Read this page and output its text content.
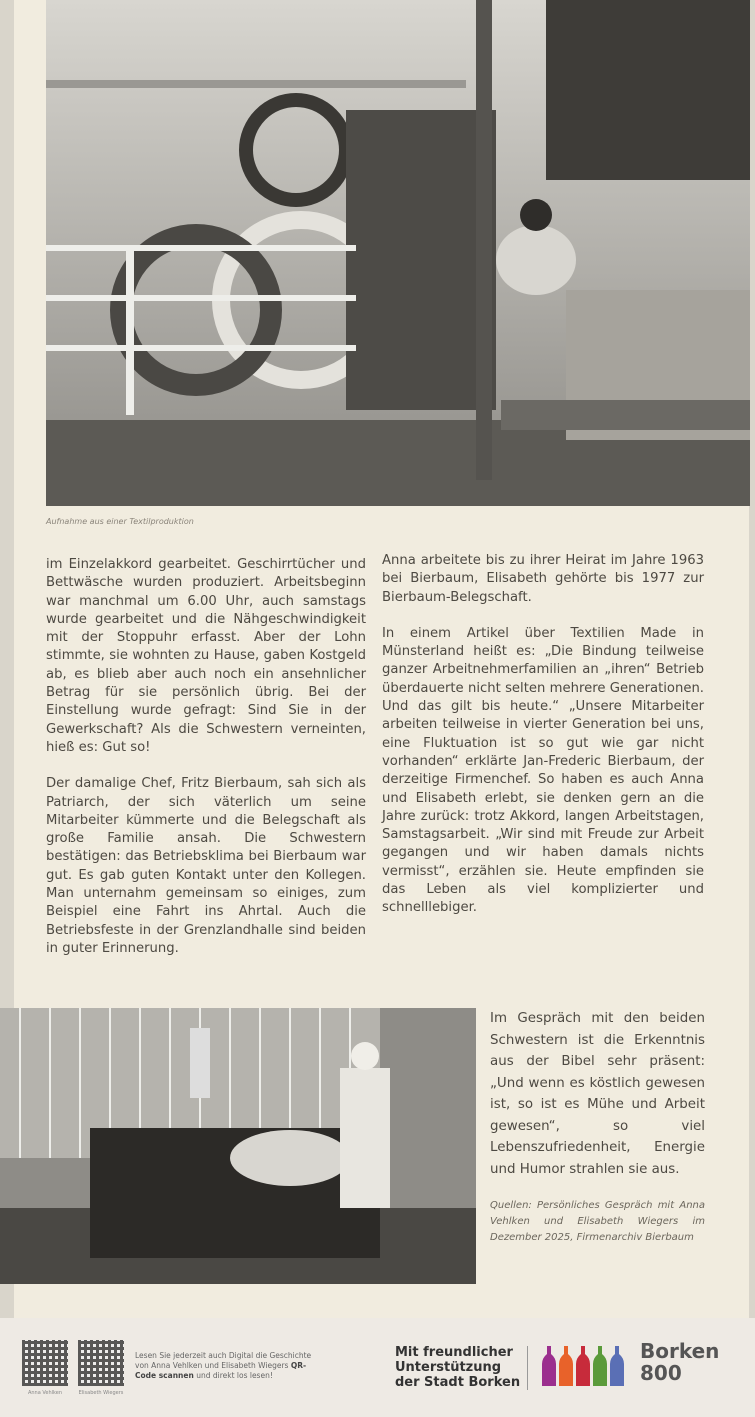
Aufnahme aus einer Textilproduktion

im Einzelakkord gearbeitet. Geschirrtücher und Bettwäsche wurden produziert. Arbeitsbeginn war manchmal um 6.00 Uhr, auch samstags wurde gearbeitet und die Nähgeschwindigkeit mit der Stoppuhr erfasst. Aber der Lohn stimmte, sie wohnten zu Hause, gaben Kostgeld ab, es blieb aber auch noch ein ansehnlicher Betrag für sie persönlich übrig. Bei der Einstellung wurde gefragt: Sind Sie in der Gewerkschaft? Als die Schwestern verneinten, hieß es: Gut so!

Der damalige Chef, Fritz Bierbaum, sah sich als Patriarch, der sich väterlich um seine Mitarbeiter kümmerte und die Belegschaft als große Familie ansah. Die Schwestern bestätigen: das Betriebsklima bei Bierbaum war gut. Es gab guten Kontakt unter den Kollegen. Man unternahm gemeinsam so einiges, zum Beispiel eine Fahrt ins Ahrtal. Auch die Betriebsfeste in der Grenzlandhalle sind beiden in guter Erinnerung.

Anna arbeitete bis zu ihrer Heirat im Jahre 1963 bei Bierbaum, Elisabeth gehörte bis 1977 zur Bierbaum-Belegschaft.

In einem Artikel über Textilien Made in Münsterland heißt es: „Die Bindung teilweise ganzer Arbeitnehmerfamilien an „ihren“ Betrieb überdauerte nicht selten mehrere Generationen. Und das gilt bis heute.“ „Unsere Mitarbeiter arbeiten teilweise in vierter Generation bei uns, eine Fluktuation ist so gut wie gar nicht vorhanden“ erklärte Jan-Frederic Bierbaum, der derzeitige Firmenchef. So haben es auch Anna und Elisabeth erlebt, sie denken gern an die Jahre zurück: trotz Akkord, langen Arbeitstagen, Samstagsarbeit. „Wir sind mit Freude zur Arbeit gegangen und wir haben damals nichts vermisst“, erzählen sie. Heute empfinden sie das Leben als viel komplizierter und schnelllebiger.

Im Gespräch mit den beiden Schwestern ist die Erkenntnis aus der Bibel sehr präsent: „Und wenn es köstlich gewesen ist, so ist es Mühe und Arbeit gewesen“, so viel Lebenszufriedenheit, Energie und Humor strahlen sie aus.
Quellen: Persönliches Gespräch mit Anna Vehlken und Elisabeth Wiegers im Dezember 2025, Firmenarchiv Bierbaum
Anna Vehlken	Elisabeth Wiegers
Lesen Sie jederzeit auch Digital die Geschichte von Anna Vehlken und Elisabeth Wiegers QR-Code scannen und direkt los lesen!
Mit freundlicher Unterstützung der Stadt Borken
Borken
800
